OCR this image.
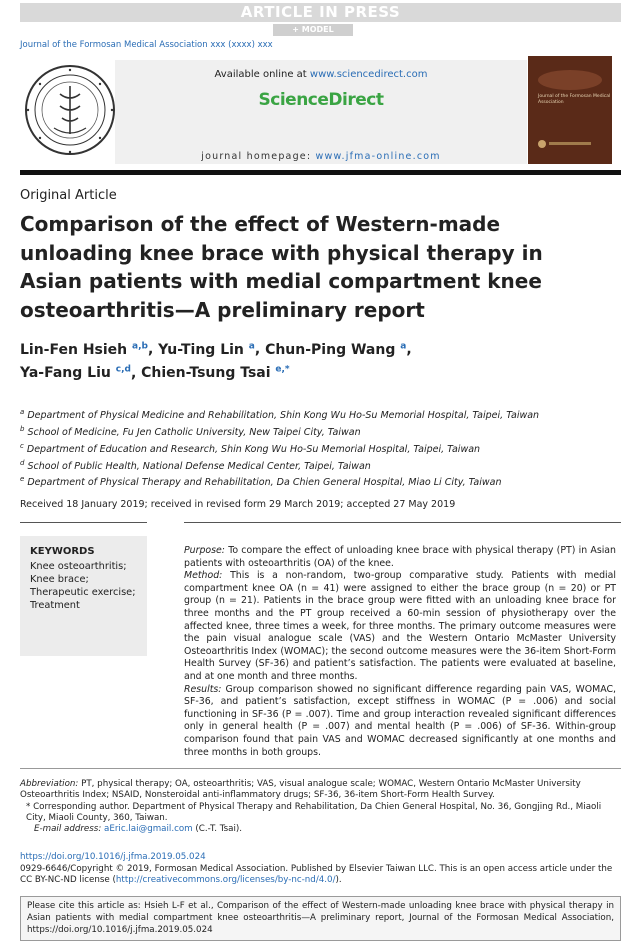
ARTICLE IN PRESS
+ MODEL
Journal of the Formosan Medical Association xxx (xxxx) xxx
Available online at www.sciencedirect.com
ScienceDirect
journal homepage: www.jfma-online.com
Journal of the Formosan Medical Association
Original Article
Comparison of the effect of Western-made unloading knee brace with physical therapy in Asian patients with medial compartment knee osteoarthritis—A preliminary report
Lin-Fen Hsieh $^{a,b}$, Yu-Ting Lin $^a$, Chun-Ping Wang $^a$,
Ya-Fang Liu $^{c,d}$, Chien-Tsung Tsai $^{e,*}$
$^a$ Department of Physical Medicine and Rehabilitation, Shin Kong Wu Ho-Su Memorial Hospital, Taipei, Taiwan
$^b$ School of Medicine, Fu Jen Catholic University, New Taipei City, Taiwan
$^c$ Department of Education and Research, Shin Kong Wu Ho-Su Memorial Hospital, Taipei, Taiwan
$^d$ School of Public Health, National Defense Medical Center, Taipei, Taiwan
$^e$ Department of Physical Therapy and Rehabilitation, Da Chien General Hospital, Miao Li City, Taiwan
Received 18 January 2019; received in revised form 29 March 2019; accepted 27 May 2019
KEYWORDS
Knee osteoarthritis;
Knee brace;
Therapeutic exercise;
Treatment

Purpose: To compare the effect of unloading knee brace with physical therapy (PT) in Asian patients with osteoarthritis (OA) of the knee.

Method: This is a non-random, two-group comparative study. Patients with medial compartment knee OA (n = 41) were assigned to either the brace group (n = 20) or PT group (n = 21). Patients in the brace group were fitted with an unloading knee brace for three months and the PT group received a 60-min session of physiotherapy over the affected knee, three times a week, for three months. The primary outcome measures were the pain visual analogue scale (VAS) and the Western Ontario McMaster University Osteoarthritis Index (WOMAC); the second outcome measures were the 36-item Short-Form Health Survey (SF-36) and patient’s satisfaction. The patients were evaluated at baseline, and at one month and three months.

Results: Group comparison showed no significant difference regarding pain VAS, WOMAC, SF-36, and patient’s satisfaction, except stiffness in WOMAC (P = .006) and social functioning in SF-36 (P = .007). Time and group interaction revealed significant differences only in general health (P = .007) and mental health (P = .006) of SF-36. Within-group comparison found that pain VAS and WOMAC decreased significantly at one months and three months in both groups.

Abbreviation: PT, physical therapy; OA, osteoarthritis; VAS, visual analogue scale; WOMAC, Western Ontario McMaster University Osteoarthritis Index; NSAID, Nonsteroidal anti-inflammatory drugs; SF-36, 36-item Short-Form Health Survey.
* Corresponding author. Department of Physical Therapy and Rehabilitation, Da Chien General Hospital, No. 36, Gongjing Rd., Miaoli City, Miaoli County, 360, Taiwan.
E-mail address: aEric.lai@gmail.com (C.-T. Tsai).
https://doi.org/10.1016/j.jfma.2019.05.024
0929-6646/Copyright © 2019, Formosan Medical Association. Published by Elsevier Taiwan LLC. This is an open access article under the CC BY-NC-ND license (http://creativecommons.org/licenses/by-nc-nd/4.0/).
Please cite this article as: Hsieh L-F et al., Comparison of the effect of Western-made unloading knee brace with physical therapy in Asian patients with medial compartment knee osteoarthritis—A preliminary report, Journal of the Formosan Medical Association, https://doi.org/10.1016/j.jfma.2019.05.024
